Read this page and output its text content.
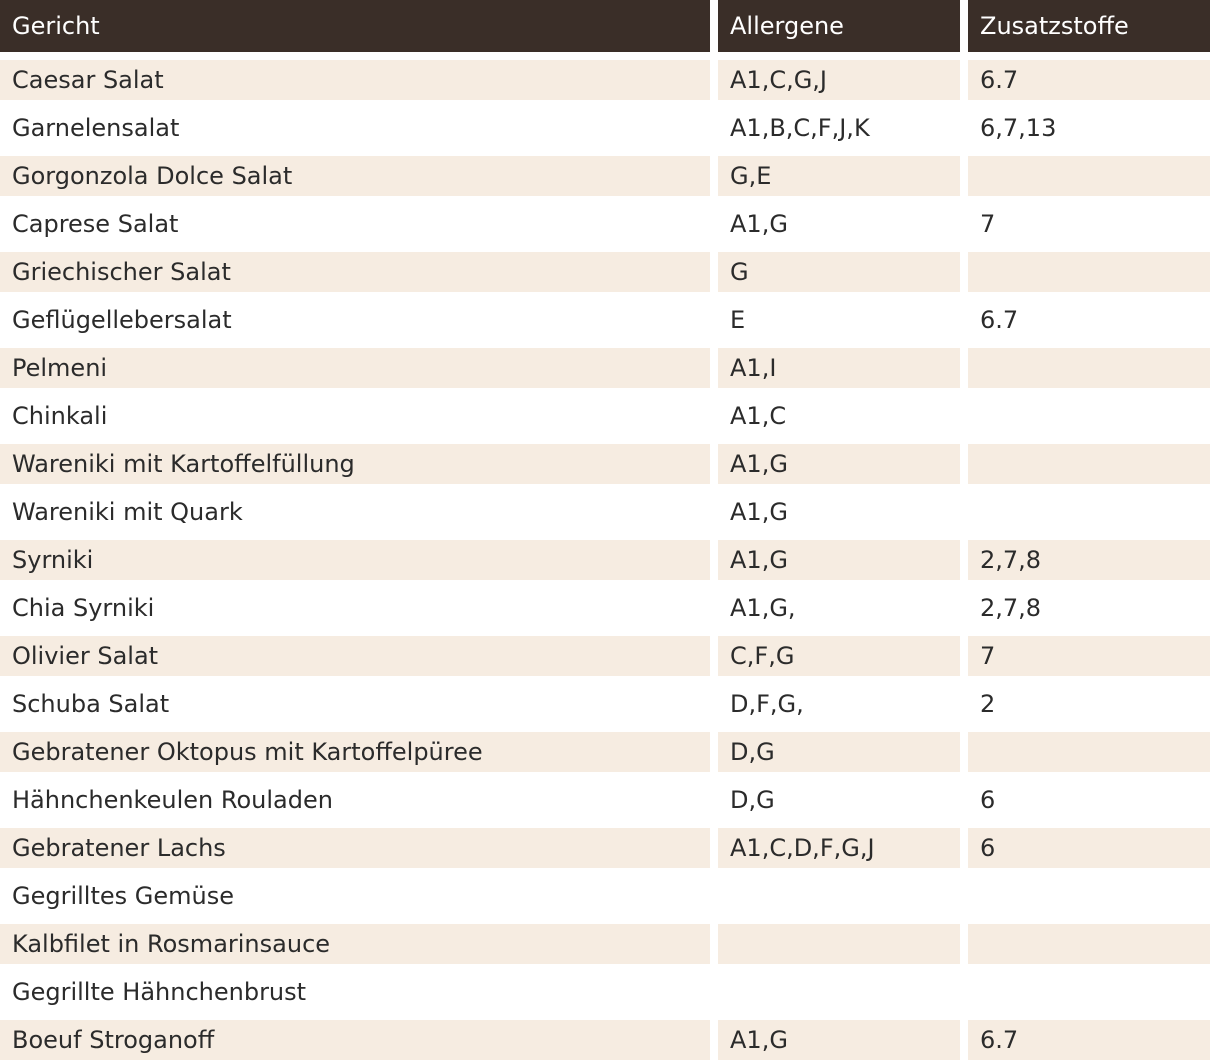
Gericht	Allergene	Zusatzstoffe
Caesar Salat	A1,C,G,J	6.7
Garnelensalat	A1,B,C,F,J,K	6,7,13
Gorgonzola Dolce Salat	G,E
Caprese Salat	A1,G	7
Griechischer Salat	G
Geflügellebersalat	E	6.7
Pelmeni	A1,I
Chinkali	A1,C
Wareniki mit Kartoffelfüllung	A1,G
Wareniki mit Quark	A1,G
Syrniki	A1,G	2,7,8
Chia Syrniki	A1,G,	2,7,8
Olivier Salat	C,F,G	7
Schuba Salat	D,F,G,	2
Gebratener Oktopus mit Kartoffelpüree	D,G
Hähnchenkeulen Rouladen	D,G	6
Gebratener Lachs	A1,C,D,F,G,J	6
Gegrilltes Gemüse
Kalbfilet in Rosmarinsauce
Gegrillte Hähnchenbrust
Boeuf Stroganoff	A1,G	6.7
